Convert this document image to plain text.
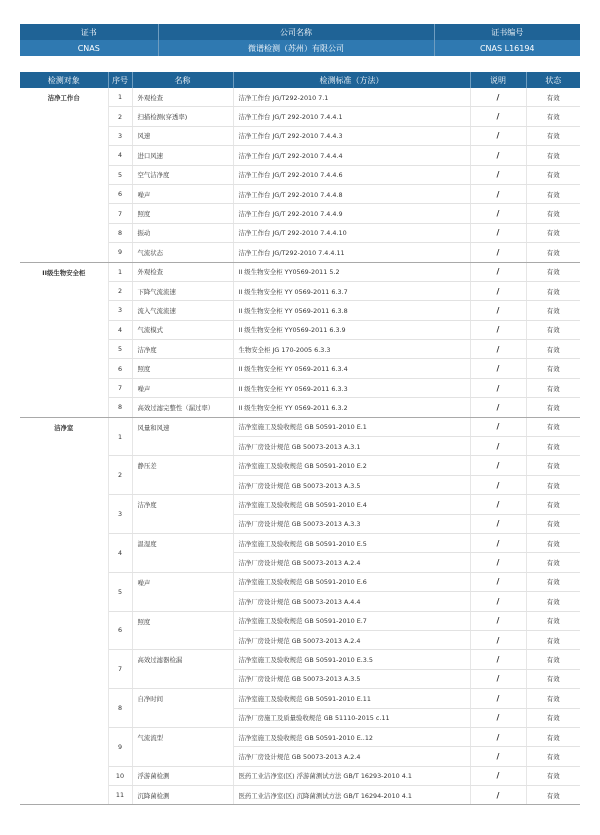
证书	公司名称	证书编号
CNAS	微谱检测（苏州）有限公司	CNAS L16194
检测对象	序号	名称	检测标准（方法）	说明	状态
洁净工作台	1	外观检查	洁净工作台 JG/T292-2010 7.1	/	有效
	2	扫描检测(穿透率)	洁净工作台 JG/T 292-2010 7.4.4.1	/	有效
	3	风速	洁净工作台 JG/T 292-2010 7.4.4.3	/	有效
	4	进口风速	洁净工作台 JG/T 292-2010 7.4.4.4	/	有效
	5	空气洁净度	洁净工作台 JG/T 292-2010 7.4.4.6	/	有效
	6	噪声	洁净工作台 JG/T 292-2010 7.4.4.8	/	有效
	7	照度	洁净工作台 JG/T 292-2010 7.4.4.9	/	有效
	8	振动	洁净工作台 JG/T 292-2010 7.4.4.10	/	有效
	9	气流状态	洁净工作台 JG/T292-2010 7.4.4.11	/	有效
II级生物安全柜	1	外观检查	II 级生物安全柜 YY0569-2011 5.2	/	有效
	2	下降气流流速	II 级生物安全柜 YY 0569-2011 6.3.7	/	有效
	3	流入气流流速	II 级生物安全柜 YY 0569-2011 6.3.8	/	有效
	4	气流模式	II 级生物安全柜 YY0569-2011 6.3.9	/	有效
	5	洁净度	生物安全柜 JG 170-2005 6.3.3	/	有效
	6	照度	II 级生物安全柜 YY 0569-2011 6.3.4	/	有效
	7	噪声	II 级生物安全柜 YY 0569-2011 6.3.3	/	有效
	8	高效过滤完整性（漏过率）	II 级生物安全柜 YY 0569-2011 6.3.2	/	有效
洁净室	1	风量和风速	洁净室施工及验收规范 GB 50591-2010 E.1	/	有效
			洁净厂房设计规范 GB 50073-2013 A.3.1	/	有效
	2	静压差	洁净室施工及验收规范 GB 50591-2010 E.2	/	有效
			洁净厂房设计规范 GB 50073-2013 A.3.5	/	有效
	3	洁净度	洁净室施工及验收规范 GB 50591-2010 E.4	/	有效
			洁净厂房设计规范 GB 50073-2013 A.3.3	/	有效
	4	温湿度	洁净室施工及验收规范 GB 50591-2010 E.5	/	有效
			洁净厂房设计规范 GB 50073-2013 A.2.4	/	有效
	5	噪声	洁净室施工及验收规范 GB 50591-2010 E.6	/	有效
			洁净厂房设计规范 GB 50073-2013 A.4.4	/	有效
	6	照度	洁净室施工及验收规范 GB 50591-2010 E.7	/	有效
			洁净厂房设计规范 GB 50073-2013 A.2.4	/	有效
	7	高效过滤器检漏	洁净室施工及验收规范 GB 50591-2010 E.3.5	/	有效
			洁净厂房设计规范 GB 50073-2013 A.3.5	/	有效
	8	自净时间	洁净室施工及验收规范 GB 50591-2010 E.11	/	有效
			洁净厂房施工及质量验收规范 GB 51110-2015 c.11	/	有效
	9	气流流型	洁净室施工及验收规范 GB 50591-2010 E..12	/	有效
			洁净厂房设计规范 GB 50073-2013 A.2.4	/	有效
	10	浮游菌检测	医药工业洁净室(区) 浮游菌测试方法 GB/T 16293-2010 4.1	/	有效
	11	沉降菌检测	医药工业洁净室(区) 沉降菌测试方法 GB/T 16294-2010 4.1	/	有效
